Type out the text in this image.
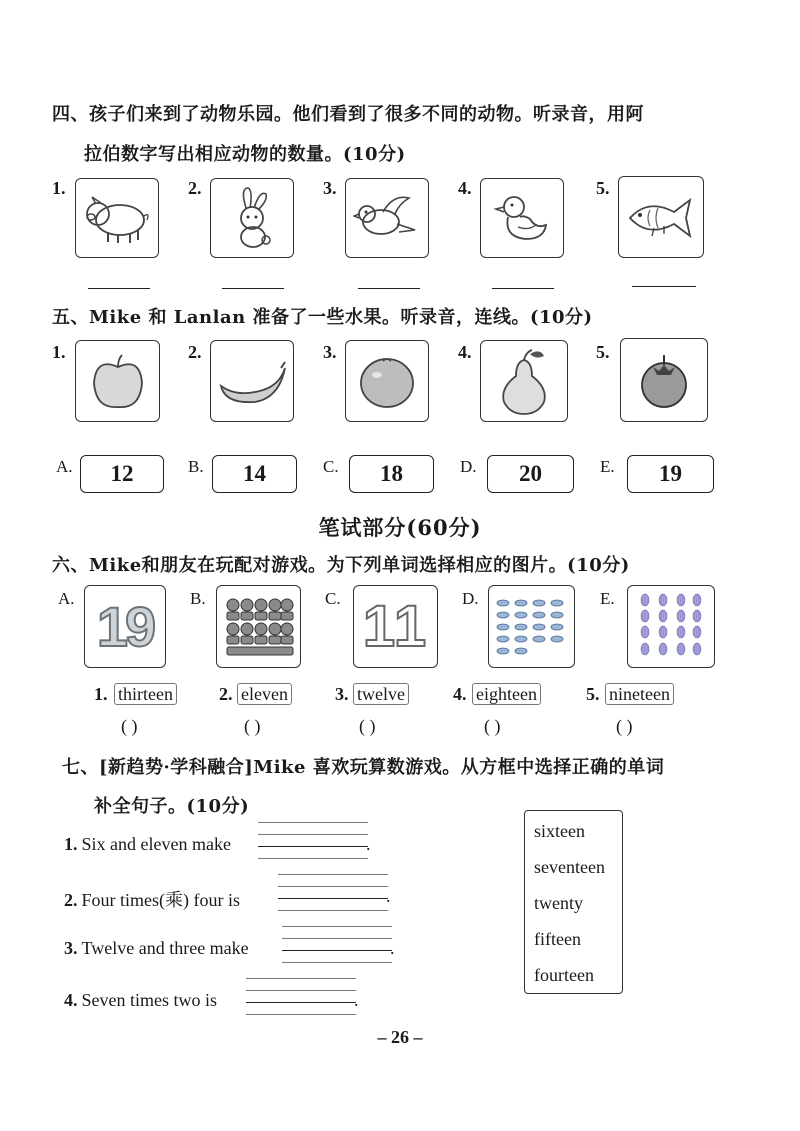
四、孩子们来到了动物乐园。他们看到了很多不同的动物。听录音，用阿
拉伯数字写出相应动物的数量。(10分)
1.	2.	3.	4.	5.
五、Mike 和 Lanlan 准备了一些水果。听录音，连线。(10分)
1.	2.	3.	4.	5.
A.	12	B.	14	C.	18	D.	20	E.	19
笔试部分(60分)
六、Mike和朋友在玩配对游戏。为下列单词选择相应的图片。(10分)
A. 19 B.	C. 11 D.	E.
1. thirteen
( )
2. eleven
( )
3. twelve
( )
4. eighteen
( )
5. nineteen
( )
七、[新趋势·学科融合]Mike 喜欢玩算数游戏。从方框中选择正确的单词
补全句子。(10分)
1. Six and eleven make	.
2. Four times(乘) four is	.
3. Twelve and three make	.
4. Seven times two is	.
sixteen
seventeen
twenty
fifteen
fourteen
– 26 –
